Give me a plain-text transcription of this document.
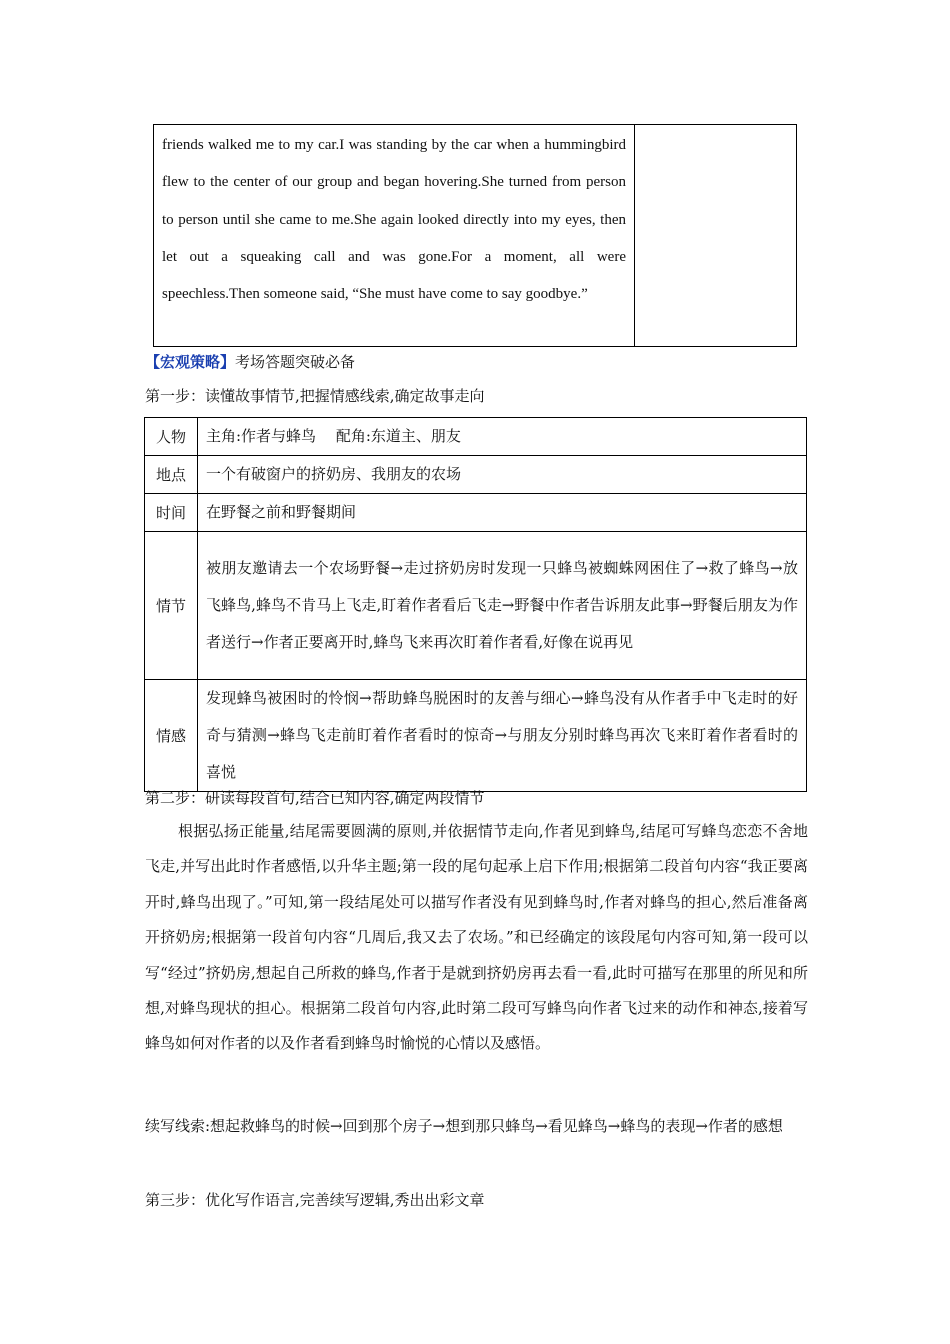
friends walked me to my car.I was standing by the car when a hummingbird flew to the center of our group and began hovering.She turned from person to person until she came to me.She again looked directly into my eyes, then let out a squeaking call and was gone.For a moment, all were speechless.Then someone said, “She must have come to say goodbye.”
【宏观策略】考场答题突破必备
第一步：读懂故事情节,把握情感线索,确定故事走向
人物	主角:作者与蜂鸟　 配角:东道主、朋友
地点	一个有破窗户的挤奶房、我朋友的农场
时间	在野餐之前和野餐期间
情节	被朋友邀请去一个农场野餐→走过挤奶房时发现一只蜂鸟被蜘蛛网困住了→救了蜂鸟→放飞蜂鸟,蜂鸟不肯马上飞走,盯着作者看后飞走→野餐中作者告诉朋友此事→野餐后朋友为作者送行→作者正要离开时,蜂鸟飞来再次盯着作者看,好像在说再见
情感	发现蜂鸟被困时的怜悯→帮助蜂鸟脱困时的友善与细心→蜂鸟没有从作者手中飞走时的好奇与猜测→蜂鸟飞走前盯着作者看时的惊奇→与朋友分别时蜂鸟再次飞来盯着作者看时的喜悦
第二步：研读每段首句,结合已知内容,确定两段情节
根据弘扬正能量,结尾需要圆满的原则,并依据情节走向,作者见到蜂鸟,结尾可写蜂鸟恋恋不舍地飞走,并写出此时作者感悟,以升华主题;第一段的尾句起承上启下作用;根据第二段首句内容“我正要离开时,蜂鸟出现了。”可知,第一段结尾处可以描写作者没有见到蜂鸟时,作者对蜂鸟的担心,然后准备离开挤奶房;根据第一段首句内容“几周后,我又去了农场。”和已经确定的该段尾句内容可知,第一段可以写“经过”挤奶房,想起自己所救的蜂鸟,作者于是就到挤奶房再去看一看,此时可描写在那里的所见和所想,对蜂鸟现状的担心。根据第二段首句内容,此时第二段可写蜂鸟向作者飞过来的动作和神态,接着写蜂鸟如何对作者的以及作者看到蜂鸟时愉悦的心情以及感悟。
续写线索:想起救蜂鸟的时候→回到那个房子→想到那只蜂鸟→看见蜂鸟→蜂鸟的表现→作者的感想
第三步：优化写作语言,完善续写逻辑,秀出出彩文章
